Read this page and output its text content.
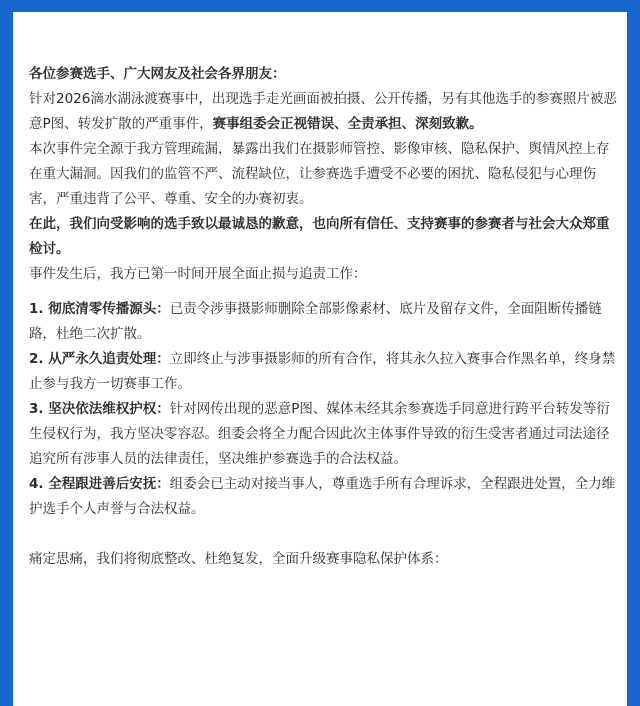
各位参赛选手、广大网友及社会各界朋友：

针对2026滴水湖泳渡赛事中，出现选手走光画面被拍摄、公开传播，另有其他选手的参赛照片被恶意P图、转发扩散的严重事件，赛事组委会正视错误、全责承担、深刻致歉。

本次事件完全源于我方管理疏漏，暴露出我们在摄影师管控、影像审核、隐私保护、舆情风控上存在重大漏洞。因我们的监管不严、流程缺位，让参赛选手遭受不必要的困扰、隐私侵犯与心理伤害，严重违背了公平、尊重、安全的办赛初衷。

在此，我们向受影响的选手致以最诚恳的歉意，也向所有信任、支持赛事的参赛者与社会大众郑重检讨。

事件发生后，我方已第一时间开展全面止损与追责工作：

1. 彻底清零传播源头：已责令涉事摄影师删除全部影像素材、底片及留存文件，全面阻断传播链路，杜绝二次扩散。

2. 从严永久追责处理：立即终止与涉事摄影师的所有合作，将其永久拉入赛事合作黑名单，终身禁止参与我方一切赛事工作。

3. 坚决依法维权护权：针对网传出现的恶意P图、媒体未经其余参赛选手同意进行跨平台转发等衍生侵权行为，我方坚决零容忍。组委会将全力配合因此次主体事件导致的衍生受害者通过司法途径追究所有涉事人员的法律责任，坚决维护参赛选手的合法权益。

4. 全程跟进善后安抚：组委会已主动对接当事人，尊重选手所有合理诉求，全程跟进处置，全力维护选手个人声誉与合法权益。

痛定思痛，我们将彻底整改、杜绝复发，全面升级赛事隐私保护体系：
